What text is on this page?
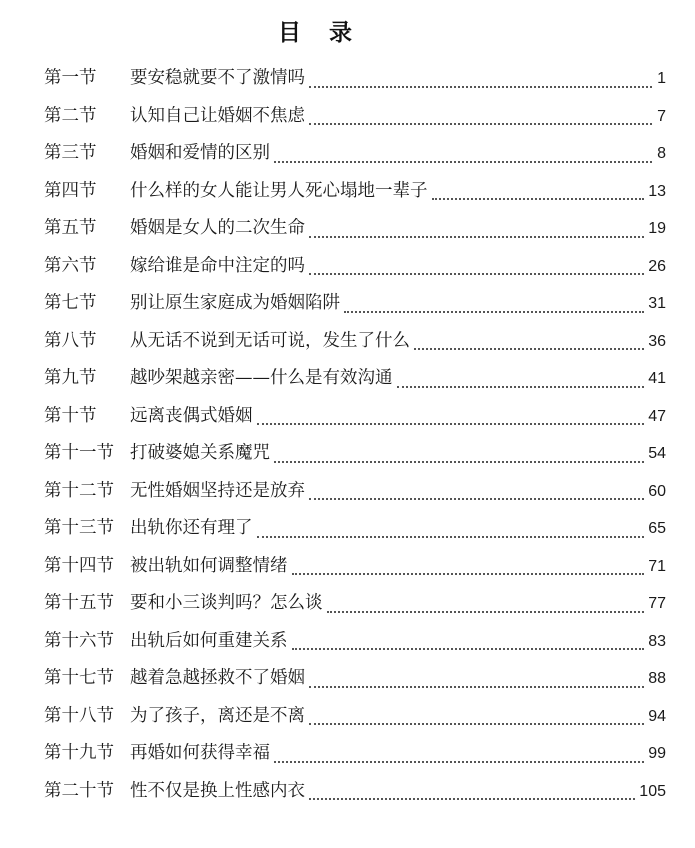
目 录
第一节	要安稳就要不了激情吗	1
第二节	认知自己让婚姻不焦虑	7
第三节	婚姻和爱情的区别	8
第四节	什么样的女人能让男人死心塌地一辈子	13
第五节	婚姻是女人的二次生命	19
第六节	嫁给谁是命中注定的吗	26
第七节	别让原生家庭成为婚姻陷阱	31
第八节	从无话不说到无话可说，发生了什么	36
第九节	越吵架越亲密——什么是有效沟通	41
第十节	远离丧偶式婚姻	47
第十一节 打破婆媳关系魔咒	54
第十二节 无性婚姻坚持还是放弃	60
第十三节 出轨你还有理了	65
第十四节 被出轨如何调整情绪	71
第十五节 要和小三谈判吗？怎么谈	77
第十六节 出轨后如何重建关系	83
第十七节 越着急越拯救不了婚姻	88
第十八节 为了孩子，离还是不离	94
第十九节 再婚如何获得幸福	99
第二十节 性不仅是换上性感内衣	105
